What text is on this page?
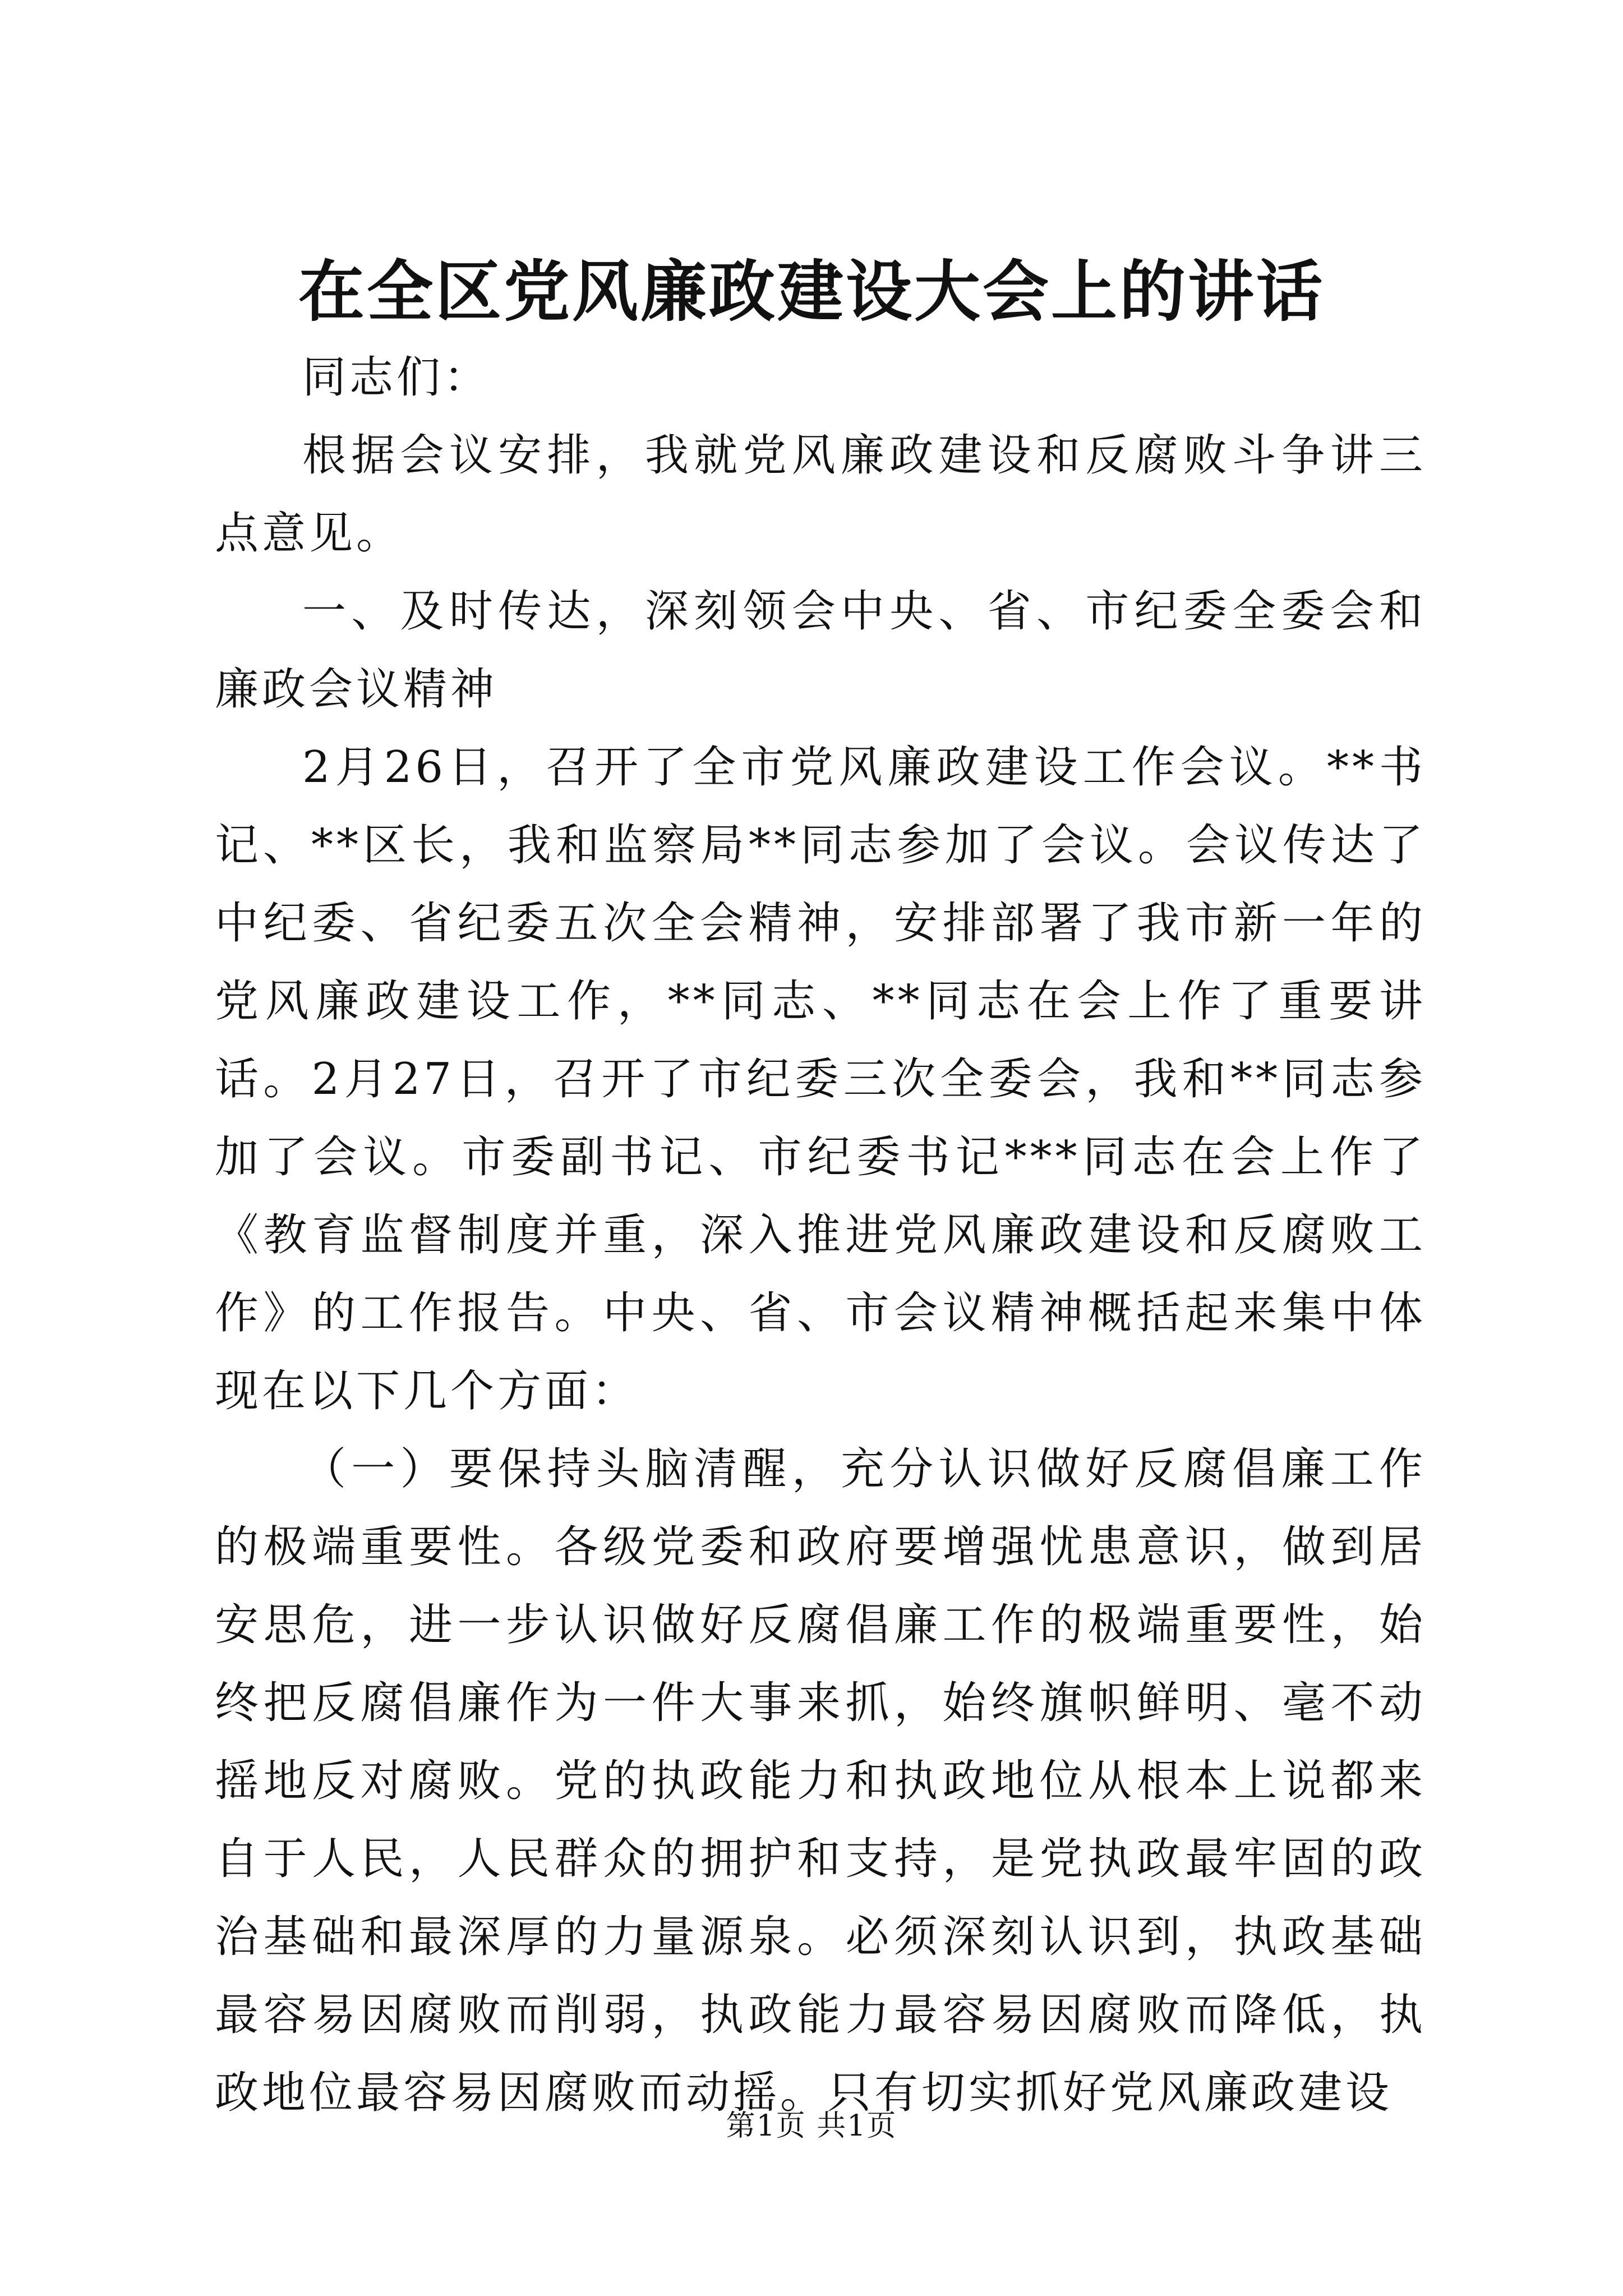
在全区党风廉政建设大会上的讲话

同志们：

根据会议安排，我就党风廉政建设和反腐败斗争讲三点意见。

一、及时传达，深刻领会中央、省、市纪委全委会和廉政会议精神

2月26日，召开了全市党风廉政建设工作会议。**书记、**区长，我和监察局**同志参加了会议。会议传达了中纪委、省纪委五次全会精神，安排部署了我市新一年的党风廉政建设工作，**同志、**同志在会上作了重要讲话。2月27日，召开了市纪委三次全委会，我和**同志参加了会议。市委副书记、市纪委书记***同志在会上作了《教育监督制度并重，深入推进党风廉政建设和反腐败工作》的工作报告。中央、省、市会议精神概括起来集中体现在以下几个方面：

（一）要保持头脑清醒，充分认识做好反腐倡廉工作的极端重要性。各级党委和政府要增强忧患意识，做到居安思危，进一步认识做好反腐倡廉工作的极端重要性，始终把反腐倡廉作为一件大事来抓，始终旗帜鲜明、毫不动摇地反对腐败。党的执政能力和执政地位从根本上说都来自于人民，人民群众的拥护和支持，是党执政最牢固的政治基础和最深厚的力量源泉。必须深刻认识到，执政基础最容易因腐败而削弱，执政能力最容易因腐败而降低，执政地位最容易因腐败而动摇。只有切实抓好党风廉政建设

第1页 共1页
